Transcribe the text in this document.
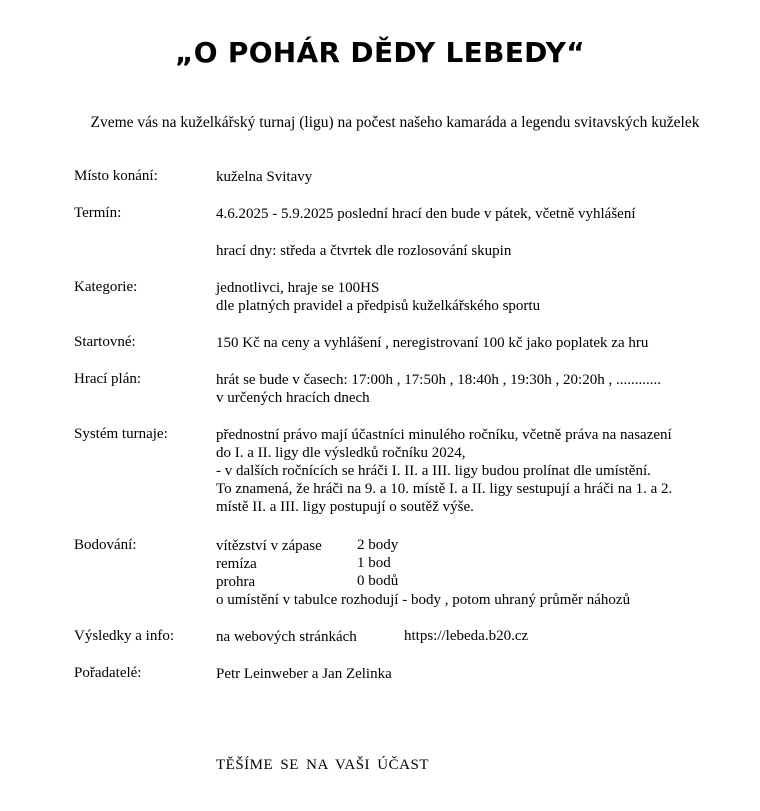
„O POHÁR DĚDY LEBEDY“
Zveme vás na kuželkářský turnaj (ligu) na počest našeho kamaráda a legendu svitavských kuželek
Místo konání:	kuželna Svitavy
Termín:	4.6.2025 - 5.9.2025 poslední hrací den bude v pátek, včetně vyhlášení
hrací dny: středa a čtvrtek dle rozlosování skupin
Kategorie:	jednotlivci, hraje se 100HS
dle platných pravidel a předpisů kuželkářského sportu
Startovné:	150 Kč na ceny a vyhlášení , neregistrovaní 100 kč jako poplatek za hru
Hrací plán:	hrát se bude v časech: 17:00h , 17:50h , 18:40h , 19:30h , 20:20h , ............
v určených hracích dnech
Systém turnaje:	přednostní právo mají účastníci minulého ročníku, včetně práva na nasazení
do I. a II. ligy dle výsledků ročníku 2024,
- v dalších ročnících se hráči I. II. a III. ligy budou prolínat dle umístění.
To znamená, že hráči na 9. a 10. místě I. a II. ligy sestupují a hráči na 1. a 2.
místě II. a III. ligy postupují o soutěž výše.
Bodování:	vítězství v zápase 2 body
remíza	1 bod
prohra	0 bodů
o umístění v tabulce rozhodují - body , potom uhraný průměr náhozů
Výsledky a info:	na webových stránkách	https://lebeda.b20.cz
Pořadatelé:	Petr Leinweber a Jan Zelinka
TĚŠÍME SE NA VAŠI ÚČAST
